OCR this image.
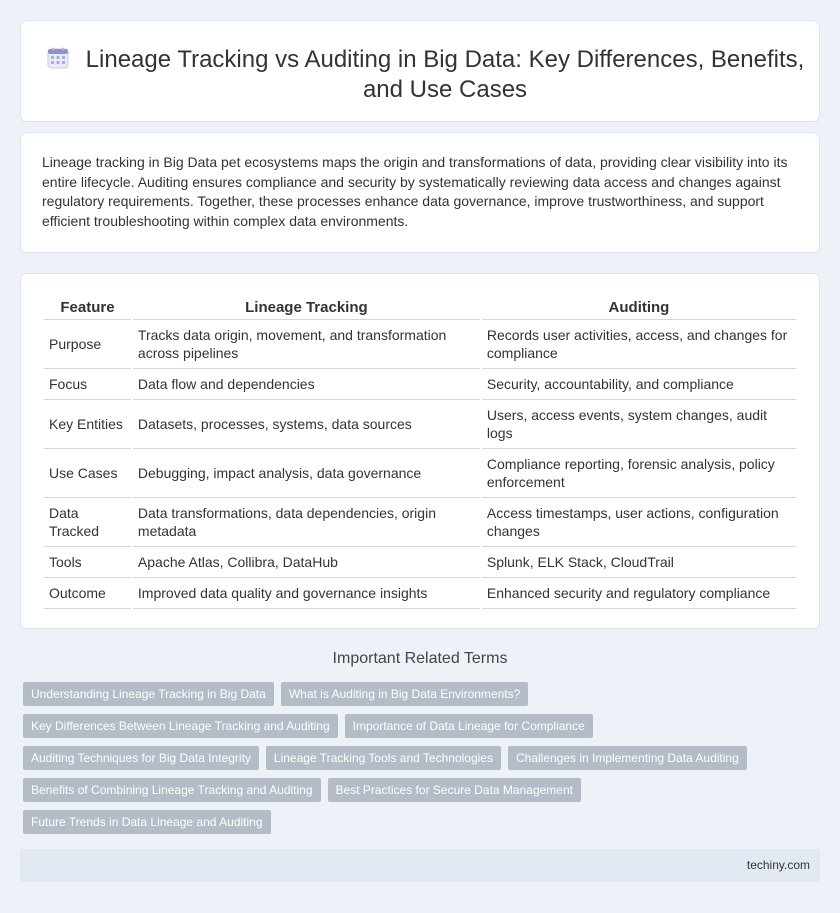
Lineage Tracking vs Auditing in Big Data: Key Differences, Benefits, and Use Cases

Lineage tracking in Big Data pet ecosystems maps the origin and transformations of data, providing clear visibility into its entire lifecycle. Auditing ensures compliance and security by systematically reviewing data access and changes against regulatory requirements. Together, these processes enhance data governance, improve trustworthiness, and support efficient troubleshooting within complex data environments.

Feature	Lineage Tracking	Auditing
Purpose	Tracks data origin, movement, and transformation across pipelines	Records user activities, access, and changes for compliance
Focus	Data flow and dependencies	Security, accountability, and compliance
Key Entities	Datasets, processes, systems, data sources	Users, access events, system changes, audit logs
Use Cases	Debugging, impact analysis, data governance	Compliance reporting, forensic analysis, policy enforcement
Data Tracked	Data transformations, data dependencies, origin metadata	Access timestamps, user actions, configuration changes
Tools	Apache Atlas, Collibra, DataHub	Splunk, ELK Stack, CloudTrail
Outcome	Improved data quality and governance insights	Enhanced security and regulatory compliance
Important Related Terms
Understanding Lineage Tracking in Big Data	What is Auditing in Big Data Environments?
Key Differences Between Lineage Tracking and Auditing	Importance of Data Lineage for Compliance
Auditing Techniques for Big Data Integrity	Lineage Tracking Tools and Technologies	Challenges in Implementing Data Auditing
Benefits of Combining Lineage Tracking and Auditing	Best Practices for Secure Data Management
Future Trends in Data Lineage and Auditing
techiny.com
